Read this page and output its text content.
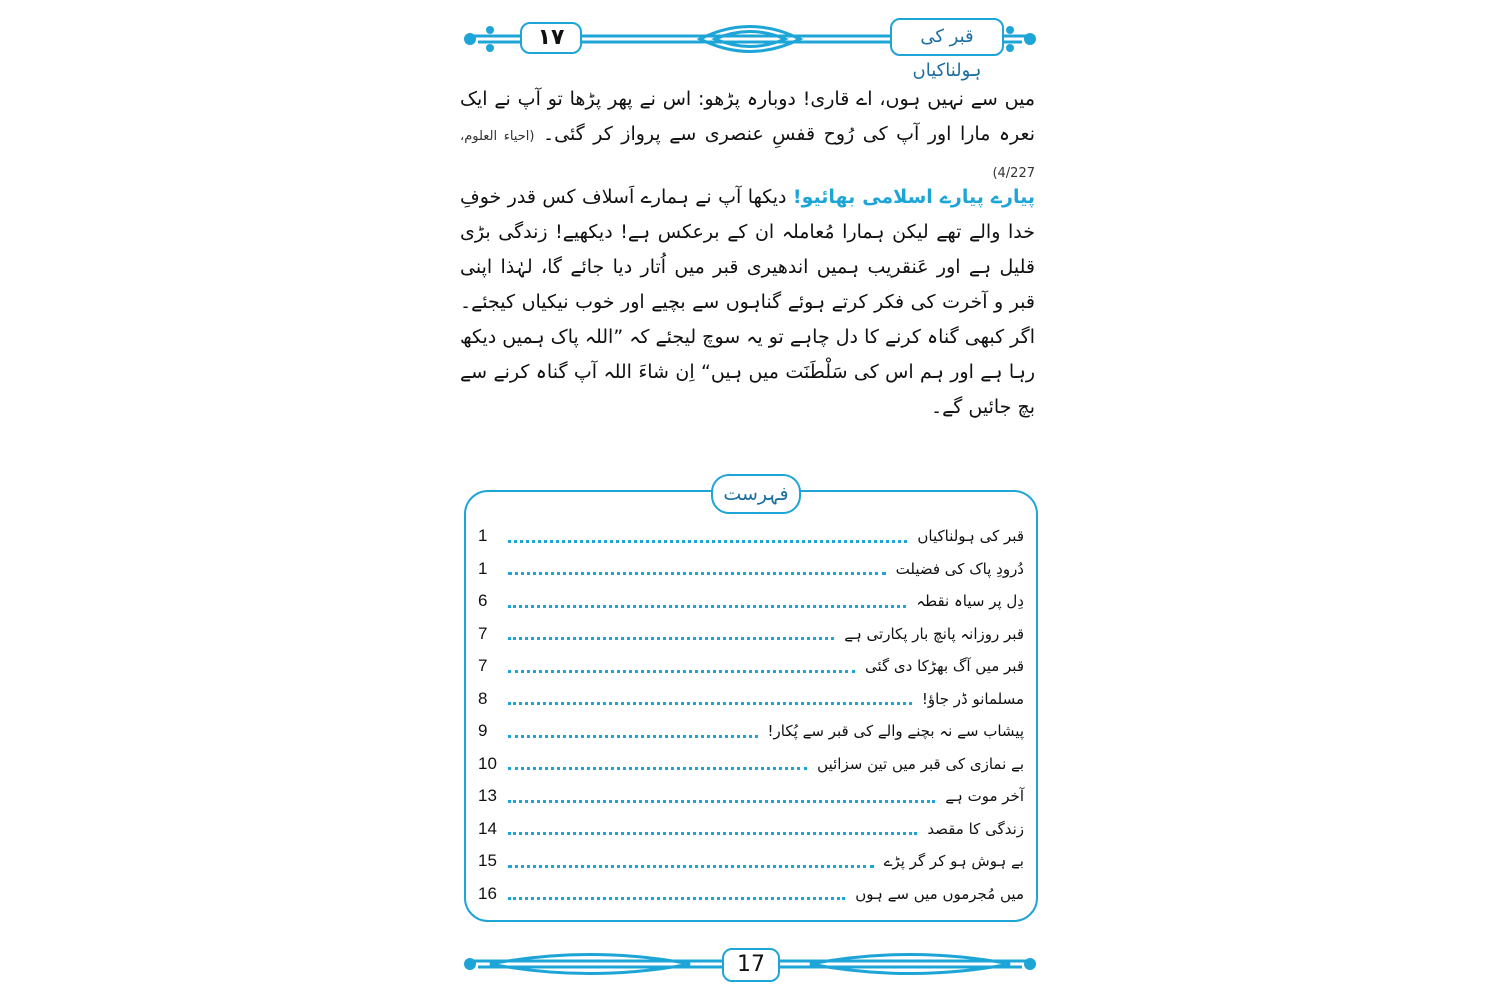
١٧	قبر کی ہولناکیاں
میں سے نہیں ہوں، اے قاری! دوبارہ پڑھو: اس نے پھر پڑھا تو آپ نے ایک نعرہ مارا اور آپ کی رُوح قفسِ عنصری سے پرواز کر گئی۔ (احیاء العلوم، 4/227)
پیارے پیارے اسلامی بھائیو! دیکھا آپ نے ہمارے اَسلاف کس قدر خوفِ خدا والے تھے لیکن ہمارا مُعاملہ ان کے برعکس ہے! دیکھیے! زندگی بڑی قلیل ہے اور عَنقریب ہمیں اندھیری قبر میں اُتار دیا جائے گا، لہٰذا اپنی قبر و آخرت کی فکر کرتے ہوئے گناہوں سے بچیے اور خوب نیکیاں کیجئے۔ اگر کبھی گناہ کرنے کا دل چاہے تو یہ سوچ لیجئے کہ ”اللہ پاک ہمیں دیکھ رہا ہے اور ہم اس کی سَلْطَنَت میں ہیں“ اِن شاءَ اللہ آپ گناہ کرنے سے بچ جائیں گے۔
فہرست
قبر کی ہولناکیاں
1
دُرودِ پاک کی فضیلت
1
دِل پر سیاہ نقطہ
6
قبر روزانہ پانچ بار پکارتی ہے
7
قبر میں آگ بھڑکا دی گئی
7
مسلمانو ڈر جاؤ!
8
پیشاب سے نہ بچنے والے کی قبر سے پُکار!
9
بے نمازی کی قبر میں تین سزائیں
10
آخر موت ہے
13
زندگی کا مقصد
14
بے ہوش ہو کر گر پڑے
15
میں مُجرموں میں سے ہوں
16
17
